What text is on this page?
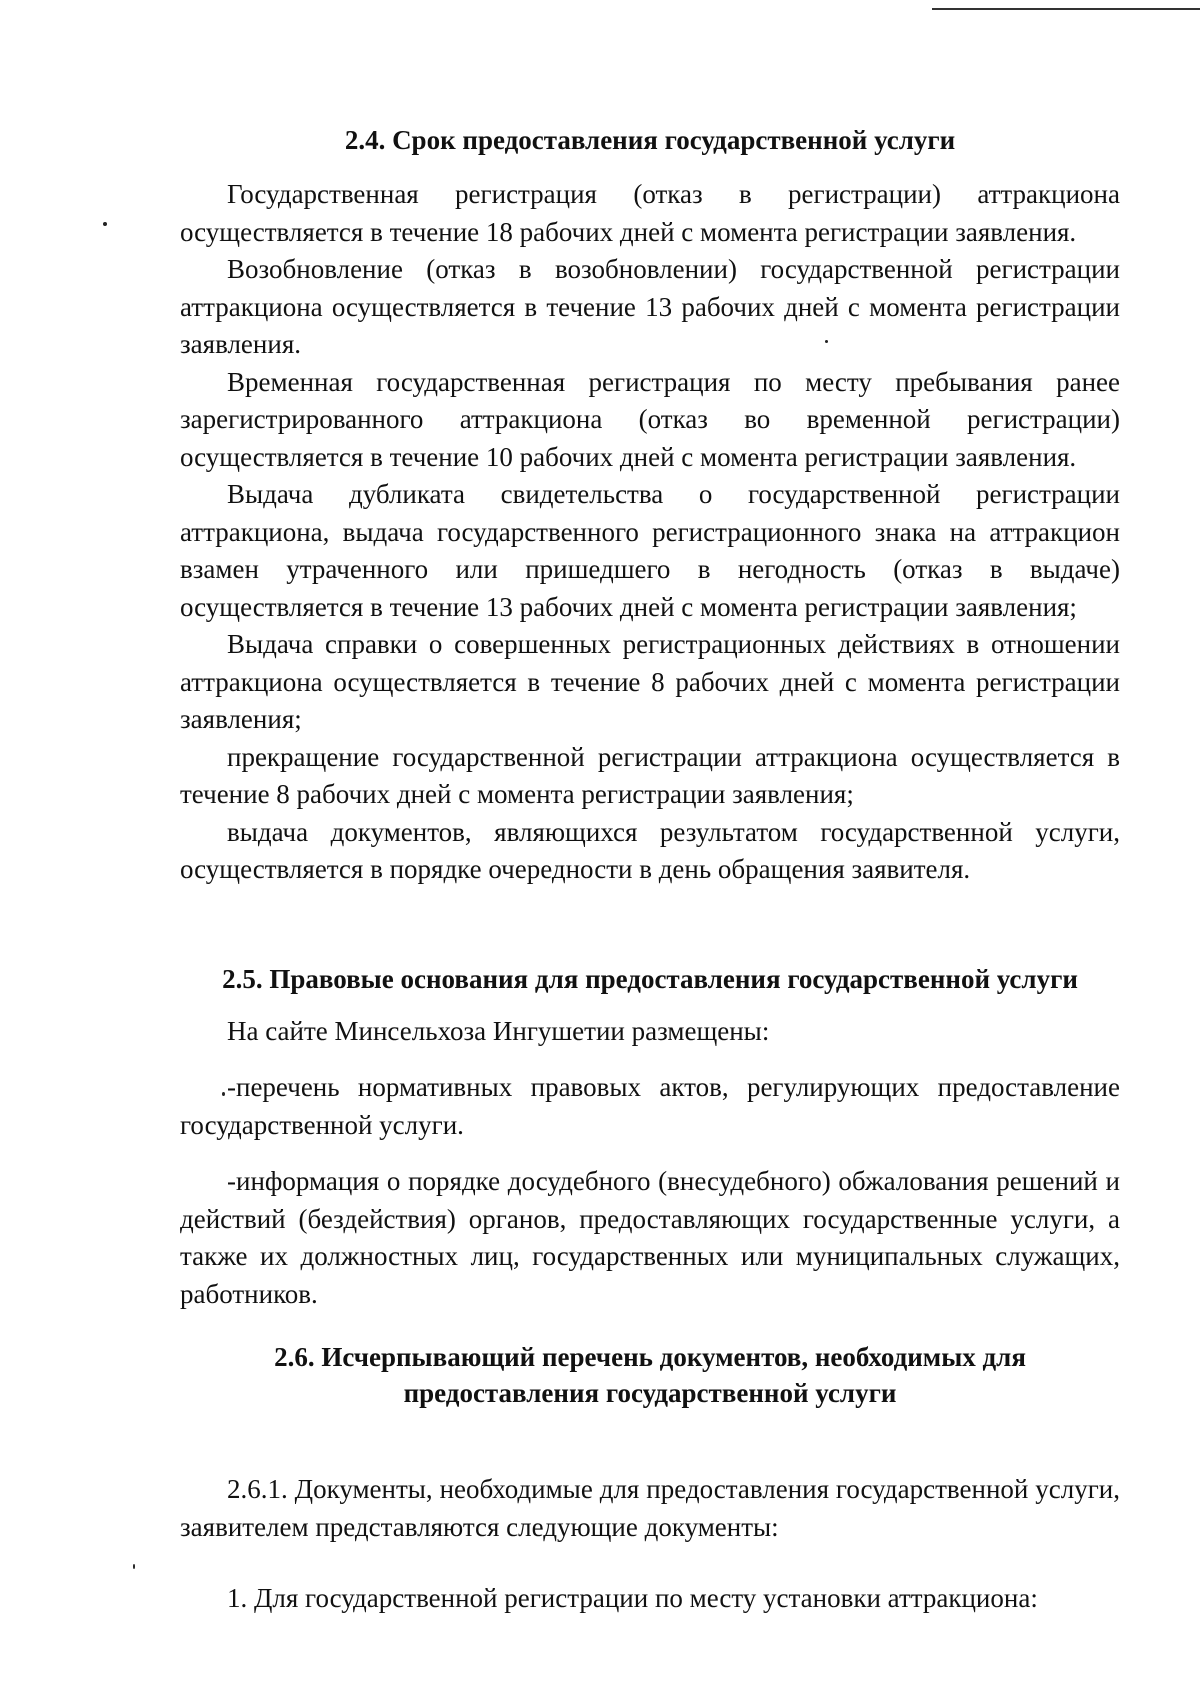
2.4. Срок предоставления государственной услуги

Государственная регистрация (отказ в регистрации) аттракциона осуществляется в течение 18 рабочих дней с момента регистрации заявления.

Возобновление (отказ в возобновлении) государственной регистрации аттракциона осуществляется в течение 13 рабочих дней с момента регистрации заявления.

Временная государственная регистрация по месту пребывания ранее зарегистрированного аттракциона (отказ во временной регистрации) осуществляется в течение 10 рабочих дней с момента регистрации заявления.

Выдача дубликата свидетельства о государственной регистрации аттракциона, выдача государственного регистрационного знака на аттракцион взамен утраченного или пришедшего в негодность (отказ в выдаче) осуществляется в течение 13 рабочих дней с момента регистрации заявления;

Выдача справки о совершенных регистрационных действиях в отношении аттракциона осуществляется в течение 8 рабочих дней с момента регистрации заявления;

прекращение государственной регистрации аттракциона осуществляется в течение 8 рабочих дней с момента регистрации заявления;

выдача документов, являющихся результатом государственной услуги, осуществляется в порядке очередности в день обращения заявителя.

2.5. Правовые основания для предоставления государственной услуги

На сайте Минсельхоза Ингушетии размещены:

-перечень нормативных правовых актов, регулирующих предоставление государственной услуги.

-информация о порядке досудебного (внесудебного) обжалования решений и действий (бездействия) органов, предоставляющих государственные услуги, а также их должностных лиц, государственных или муниципальных служащих, работников.

2.6. Исчерпывающий перечень документов, необходимых для предоставления государственной услуги

2.6.1. Документы, необходимые для предоставления государственной услуги, заявителем представляются следующие документы:

1. Для государственной регистрации по месту установки аттракциона:
